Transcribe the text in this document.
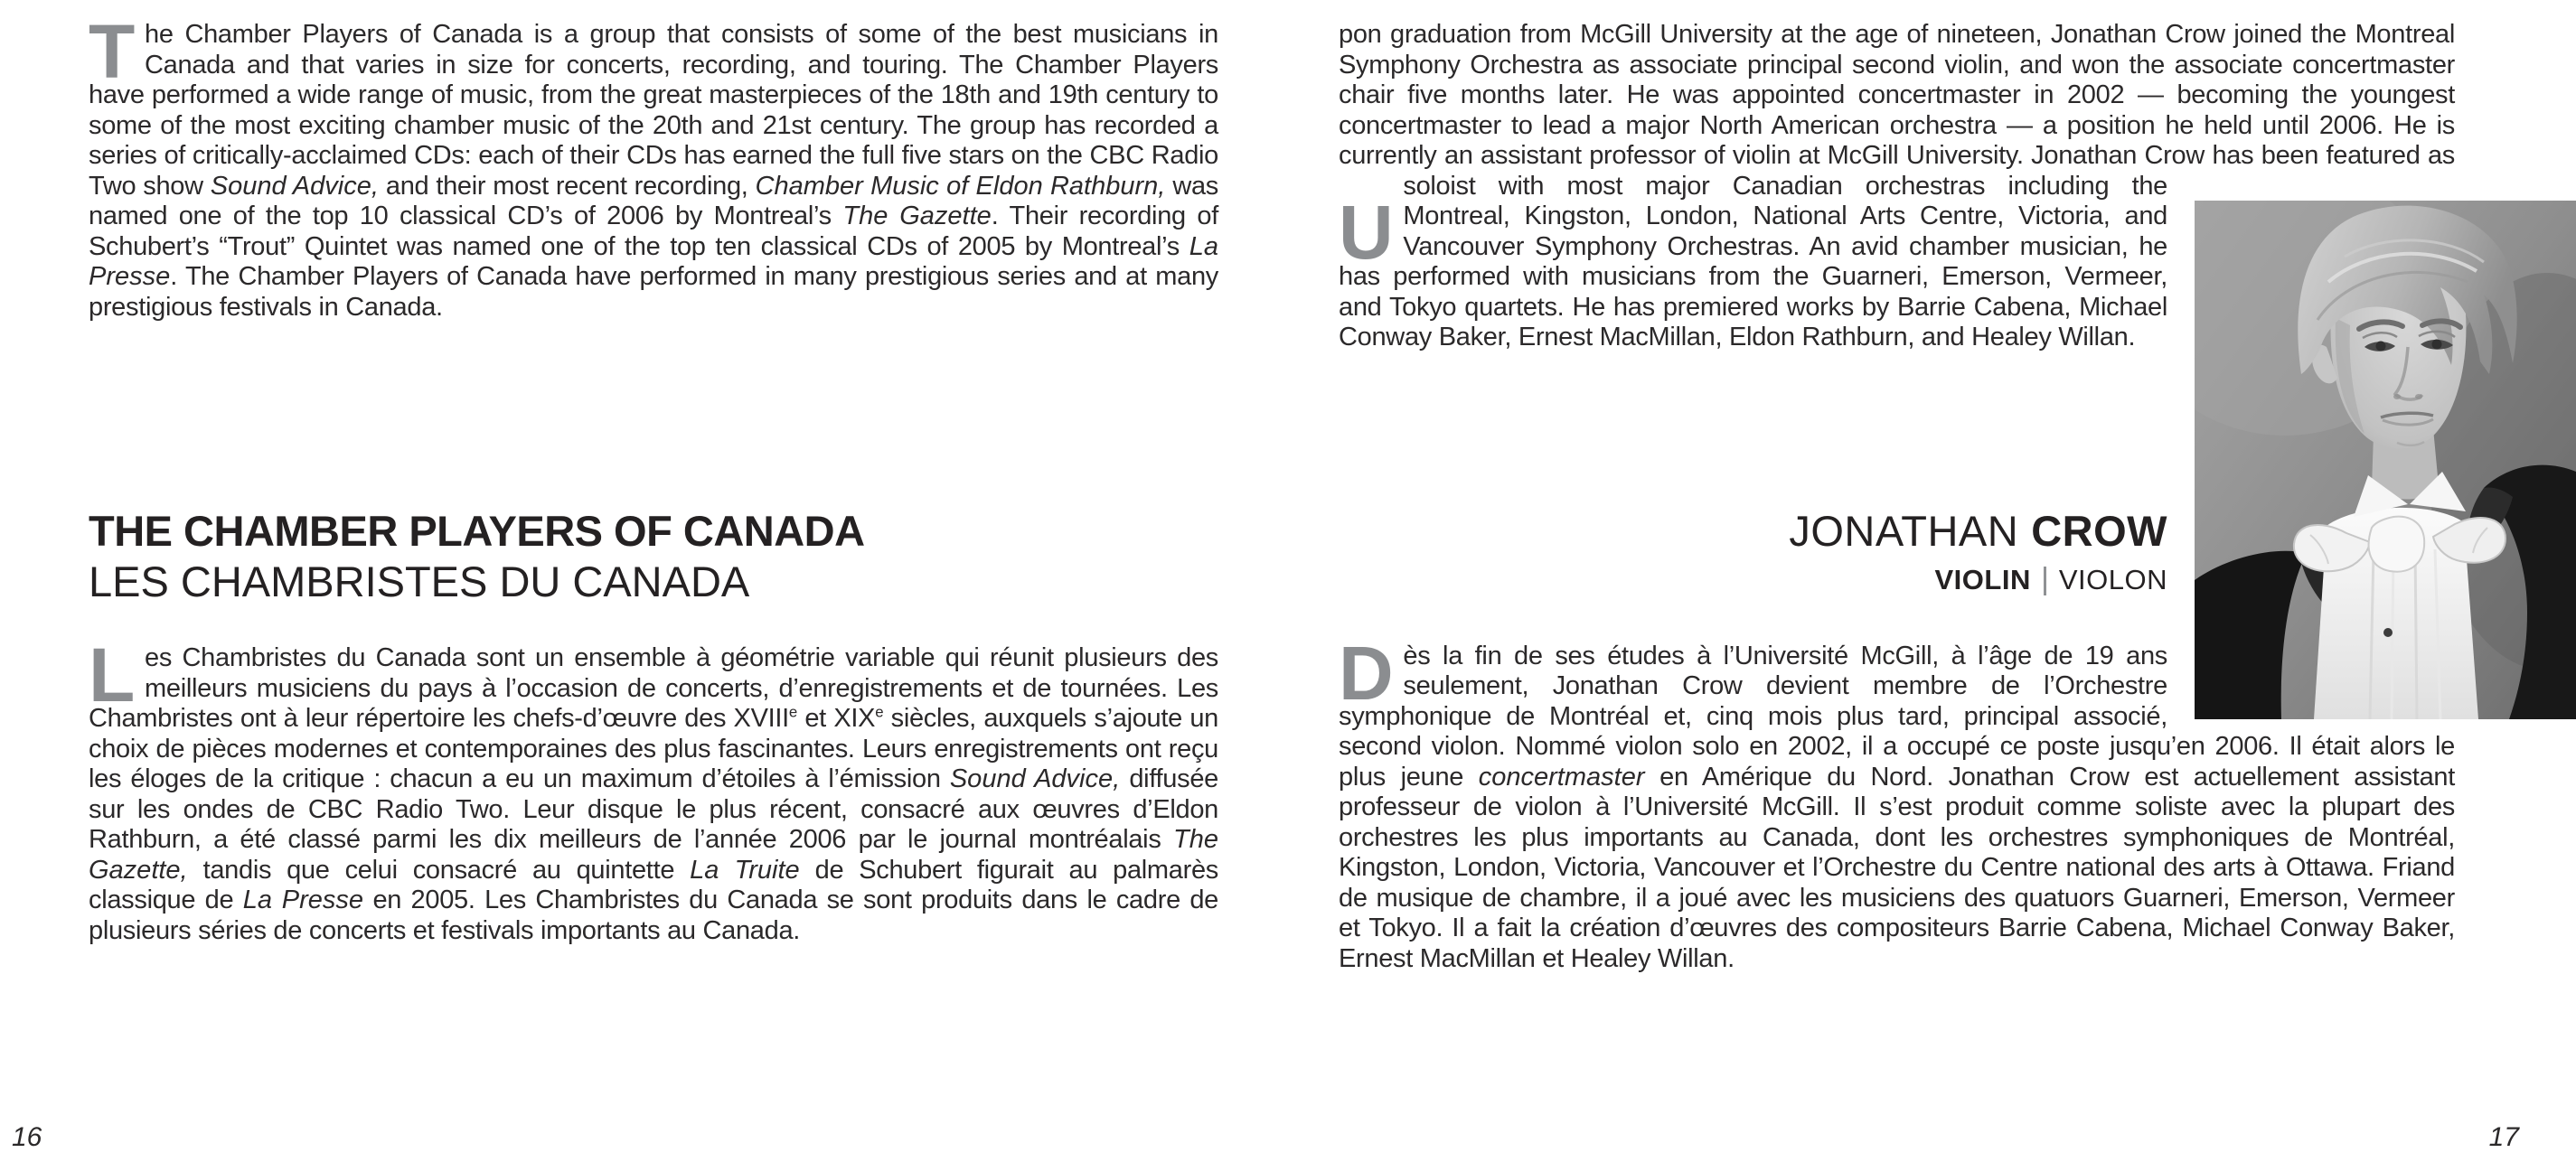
The Chamber Players of Canada is a group that consists of some of the best musicians in Canada and that varies in size for concerts, recording, and touring. The Chamber Players have performed a wide range of music, from the great masterpieces of the 18th and 19th century to some of the most exciting chamber music of the 20th and 21st century. The group has recorded a series of critically-acclaimed CDs: each of their CDs has earned the full five stars on the CBC Radio Two show Sound Advice, and their most recent recording, Chamber Music of Eldon Rathburn, was named one of the top 10 classical CD’s of 2006 by Montreal’s The Gazette. Their recording of Schubert’s “Trout” Quintet was named one of the top ten classical CDs of 2005 by Montreal’s La Presse. The Chamber Players of Canada have performed in many prestigious series and at many prestigious festivals in Canada.

THE CHAMBER PLAYERS OF CANADA
LES CHAMBRISTES DU CANADA

Les Chambristes du Canada sont un ensemble à géométrie variable qui réunit plusieurs des meilleurs musiciens du pays à l’occasion de concerts, d’enregistrements et de tournées. Les Chambristes ont à leur répertoire les chefs-d’œuvre des XVIIIe et XIXe siècles, auxquels s’ajoute un choix de pièces modernes et contemporaines des plus fascinantes. Leurs enregistrements ont reçu les éloges de la critique : chacun a eu un maximum d’étoiles à l’émission Sound Advice, diffusée sur les ondes de CBC Radio Two. Leur disque le plus récent, consacré aux œuvres d’Eldon Rathburn, a été classé parmi les dix meilleurs de l’année 2006 par le journal montréalais The Gazette, tandis que celui consacré au quintette La Truite de Schubert figurait au palmarès classique de La Presse en 2005. Les Chambristes du Canada se sont produits dans le cadre de plusieurs séries de concerts et festivals importants au Canada.

16

U
pon graduation from McGill University at the age of nineteen, Jonathan Crow joined the Montreal Symphony Orchestra as associate principal second violin, and won the associate concertmaster chair five months later. He was appointed concertmaster in 2002 — becoming the youngest concertmaster to lead a major North American orchestra — a position he held until 2006. He is currently an assistant professor of violin at McGill University. Jonathan Crow has been featured as soloist with most major Canadian orchestras including the Montreal, Kingston, London, National Arts Centre, Victoria, and Vancouver Symphony Orchestras. An avid chamber musician, he has performed with musicians from the Guarneri, Emerson, Vermeer, and Tokyo quartets. He has premiered works by Barrie Cabena, Michael Conway Baker, Ernest MacMillan, Eldon Rathburn, and Healey Willan.

JONATHAN CROW
VIOLIN VIOLON

Dès la fin de ses études à l’Université McGill, à l’âge de 19 ans seulement, Jonathan Crow devient membre de l’Orchestre symphonique de Montréal et, cinq mois plus tard, principal associé, second violon. Nommé violon solo en 2002, il a occupé ce poste jusqu’en 2006. Il était alors le plus jeune concertmaster en Amérique du Nord. Jonathan Crow est actuellement assistant professeur de violon à l’Université McGill. Il s’est produit comme soliste avec la plupart des orchestres les plus importants au Canada, dont les orchestres symphoniques de Montréal, Kingston, London, Victoria, Vancouver et l’Orchestre du Centre national des arts à Ottawa. Friand de musique de chambre, il a joué avec les musiciens des quatuors Guarneri, Emerson, Vermeer et Tokyo. Il a fait la création d’œuvres des compositeurs Barrie Cabena, Michael Conway Baker, Ernest MacMillan et Healey Willan.

17
